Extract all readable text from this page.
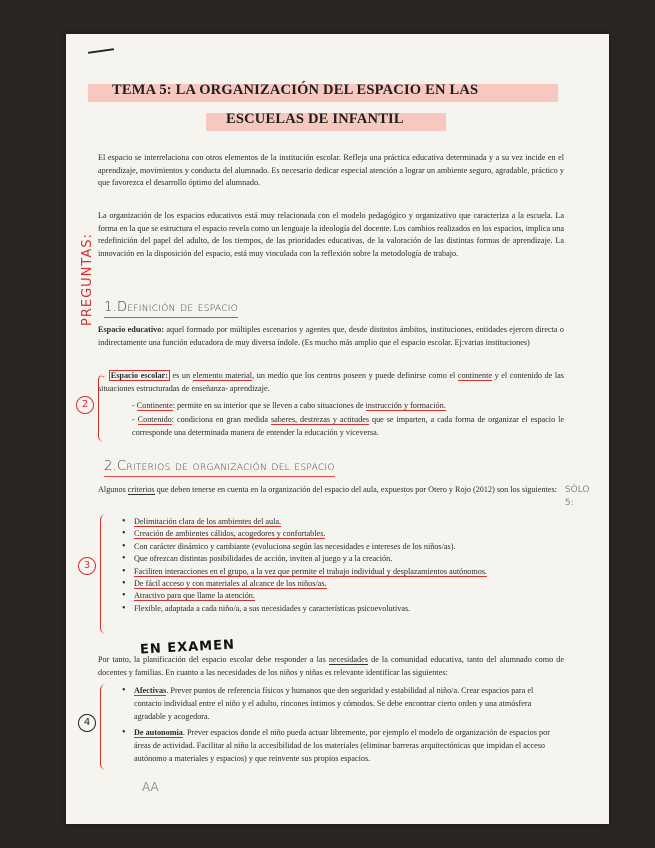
TEMA 5: LA ORGANIZACIÓN DEL ESPACIO EN LAS
ESCUELAS DE INFANTIL
El espacio se interrelaciona con otros elementos de la institución escolar. Refleja una práctica educativa determinada y a su vez incide en el aprendizaje, movimientos y conducta del alumnado. Es necesario dedicar especial atención a lograr un ambiente seguro, agradable, práctico y que favorezca el desarrollo óptimo del alumnado.
La organización de los espacios educativos está muy relacionada con el modelo pedagógico y organizativo que caracteriza a la escuela. La forma en la que se estructura el espacio revela como un lenguaje la ideología del docente. Los cambios realizados en los espacios, implica una redefinición del papel del adulto, de los tiempos, de las prioridades educativas, de la valoración de las distintas formas de aprendizaje. La innovación en la disposición del espacio, está muy vinculada con la reflexión sobre la metodología de trabajo.
PREGUNTAS: 1.Definición de espacio
Espacio educativo: aquel formado por múltiples escenarios y agentes que, desde distintos ámbitos, instituciones, entidades ejercen directa o indirectamente una función educadora de muy diversa índole. (Es mucho más amplio que el espacio escolar. Ej:varias instituciones)
2
→ Espacio escolar: es un elemento material, un medio que los centros poseen y puede definirse como el continente y el contenido de las situaciones estructuradas de enseñanza- aprendizaje.
- Continente: permite en su interior que se lleven a cabo situaciones de instrucción y formación.
- Contenido: condiciona en gran medida saberes, destrezas y actitudes que se imparten, a cada forma de organizar el espacio le corresponde una determinada manera de entender la educación y viceversa.
2.Criterios de organización del espacio
Algunos criterios que deben tenerse en cuenta en la organización del espacio del aula, expuestos por Otero y Rojo (2012) son los siguientes: SÓLO 5:
3
• Delimitación clara de los ambientes del aula.
• Creación de ambientes cálidos, acogedores y confortables.
• Con carácter dinámico y cambiante (evoluciona según las necesidades e intereses de los niños/as).
• Que ofrezcan distintas posibilidades de acción, inviten al juego y a la creación.
• Faciliten interacciones en el grupo, a la vez que permite el trabajo individual y desplazamientos autónomos.
• De fácil acceso y con materiales al alcance de los niños/as.
• Atractivo para que llame la atención.
• Flexible, adaptada a cada niño/a, a sus necesidades y características psicoevolutivas.
EN EXAMEN
Por tanto, la planificación del espacio escolar debe responder a las necesidades de la comunidad educativa, tanto del alumnado como de docentes y familias. En cuanto a las necesidades de los niños y niñas es relevante identificar las siguientes:
4
• Afectivas. Prever puntos de referencia físicos y humanos que den seguridad y estabilidad al niño/a. Crear espacios para el contacto individual entre el niño y el adulto, rincones íntimos y cómodos. Se debe encontrar cierto orden y una atmósfera agradable y acogedora.
• De autonomía. Prever espacios donde el niño pueda actuar libremente, por ejemplo el modelo de organización de espacios por áreas de actividad. Facilitar al niño la accesibilidad de los materiales (eliminar barreras arquitectónicas que impidan el acceso autónomo a materiales y espacios) y que reinvente sus propios espacios.
AA
